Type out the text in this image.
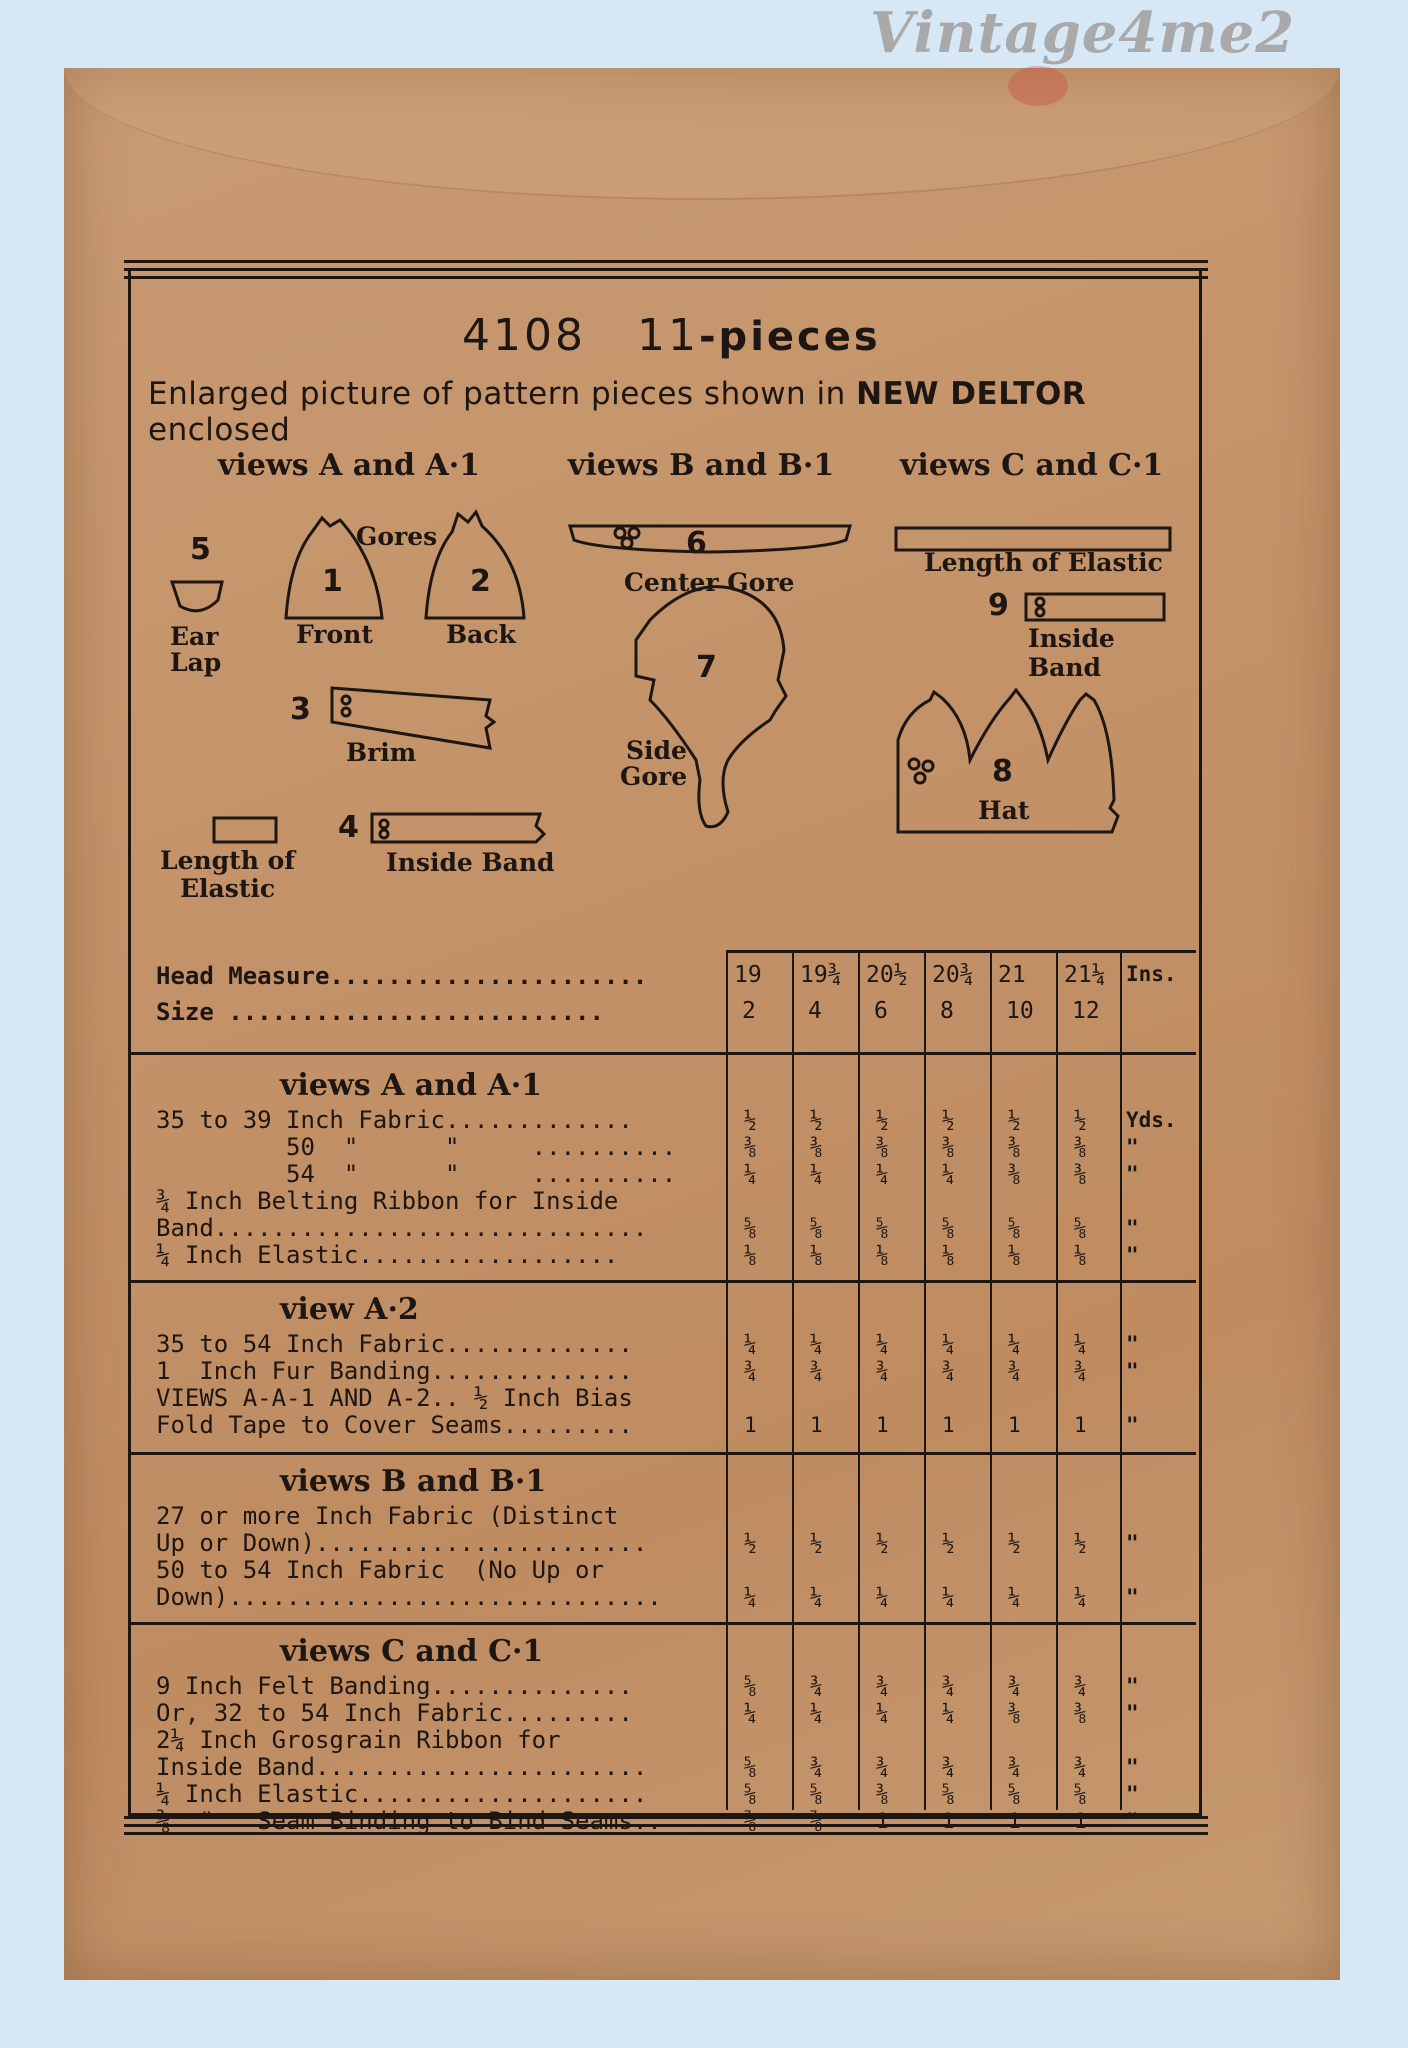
Vintage4me2
4108 11-pieces
Enlarged picture of pattern pieces shown in NEW DELTOR enclosed
views A and A·1	views B and B·1	views C and C·1
5
Ear
Lap
Gores
1
Front
2
Back
3
Brim
Length of
Elastic
4
Inside Band
6
Center Gore
7
Side
Gore
Length of Elastic
9
Inside Band
8
Hat
Head Measure......................
Size ..........................
19 19¾ 20½ 20¾ 21 21¼ Ins.
2 4 6 8 10 12
views A and A·1
35 to 39 Inch Fabric.............	½	½	½	½	½	½	Yds.
50  "      "     ..........	⅜	⅜	⅜	⅜	⅜	⅜	"
54  "      "     ..........	¼	¼	¼	¼	⅜	⅜	"
¾ Inch Belting Ribbon for Inside
Band..............................	⅝	⅝	⅝	⅝	⅝	⅝	"
¼ Inch Elastic..................	⅛	⅛	⅛	⅛	⅛	⅛	"
view A·2
35 to 54 Inch Fabric.............	¼	¼	¼	¼	¼	¼	"
1  Inch Fur Banding..............	¾	¾	¾	¾	¾	¾	"
VIEWS A-A-1 AND A-2.. ½ Inch Bias
Fold Tape to Cover Seams.........	1	1	1	1	1	1	"
views B and B·1
27 or more Inch Fabric (Distinct
Up or Down).......................	½	½	½	½	½	½	"
50 to 54 Inch Fabric  (No Up or
Down)..............................	¼	¼	¼	¼	¼	¼	"
views C and C·1
9 Inch Felt Banding..............	⅝	¾	¾	¾	¾	¾	"
Or, 32 to 54 Inch Fabric.........	¼	¼	¼	¼	⅜	⅜	"
2¼ Inch Grosgrain Ribbon for
Inside Band.......................	⅝	¾	¾	¾	¾	¾	"
¼ Inch Elastic....................	⅝	⅝	⅜	⅝	⅝	⅝	"
⅜  "   Seam Binding to Bind Seams..	⅞	⅞	1	1	1	1	"
